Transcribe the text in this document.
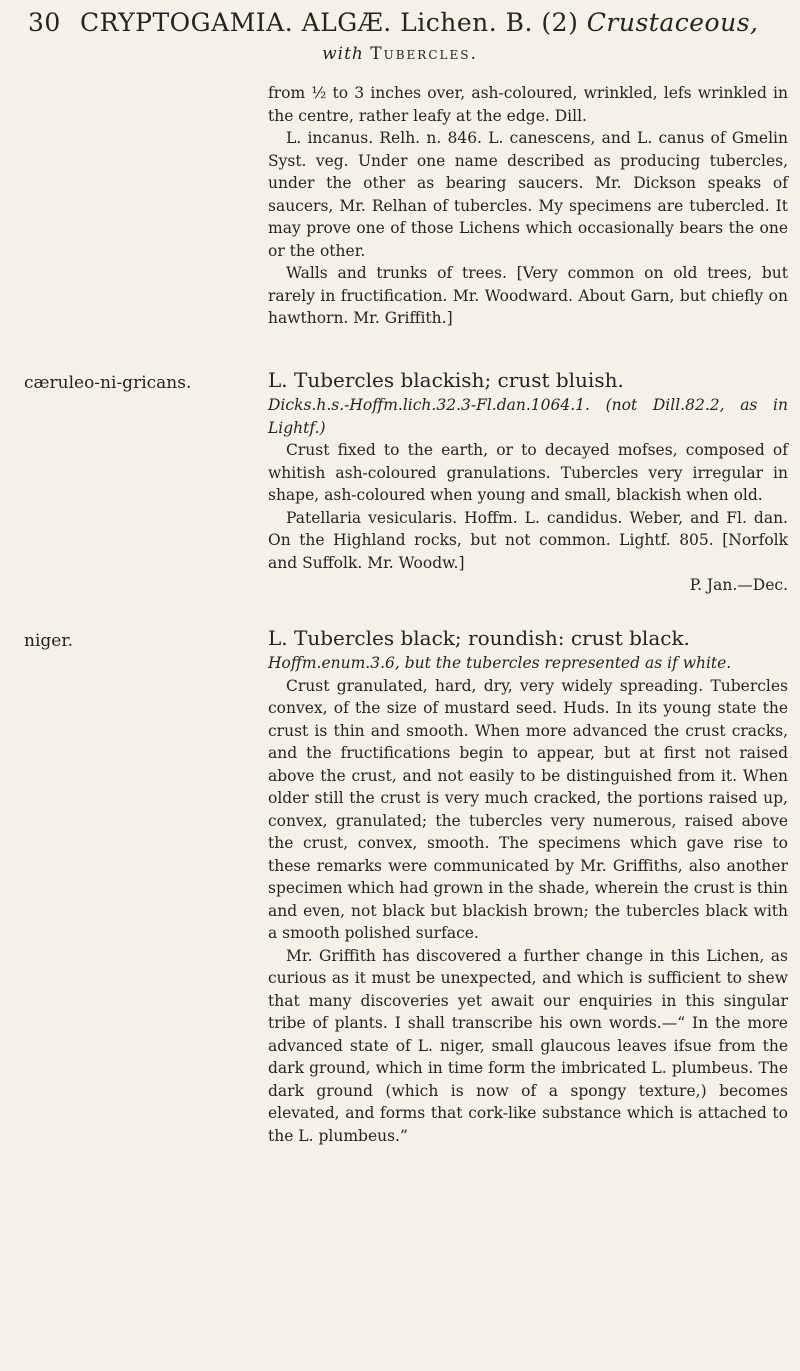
30 CRYPTOGAMIA. ALGÆ. Lichen. B. (2) Crustaceous,
with Tubercles.

from ½ to 3 inches over, ash-coloured, wrinkled, lefs wrinkled in the centre, rather leafy at the edge. Dill.

L. incanus. Relh. n. 846. L. canescens, and L. canus of Gmelin Syst. veg. Under one name described as producing tubercles, under the other as bearing saucers. Mr. Dickson speaks of saucers, Mr. Relhan of tubercles. My specimens are tubercled. It may prove one of those Lichens which occasionally bears the one or the other.

Walls and trunks of trees. [Very common on old trees, but rarely in fructification. Mr. Woodward. About Garn, but chiefly on hawthorn. Mr. Griffith.]

cæruleo-ni-gricans.	L. Tubercles blackish; crust bluish.

Dicks.h.s.-Hoffm.lich.32.3-Fl.dan.1064.1. (not Dill.82.2, as in Lightf.)

Crust fixed to the earth, or to decayed mofses, composed of whitish ash-coloured granulations. Tubercles very irregular in shape, ash-coloured when young and small, blackish when old.

Patellaria vesicularis. Hoffm. L. candidus. Weber, and Fl. dan. On the Highland rocks, but not common. Lightf. 805. [Norfolk and Suffolk. Mr. Woodw.]

P. Jan.—Dec.

niger.	L. Tubercles black; roundish: crust black.

Hoffm.enum.3.6, but the tubercles represented as if white.

Crust granulated, hard, dry, very widely spreading. Tubercles convex, of the size of mustard seed. Huds. In its young state the crust is thin and smooth. When more advanced the crust cracks, and the fructifications begin to appear, but at first not raised above the crust, and not easily to be distinguished from it. When older still the crust is very much cracked, the portions raised up, convex, granulated; the tubercles very numerous, raised above the crust, convex, smooth. The specimens which gave rise to these remarks were communicated by Mr. Griffiths, also another specimen which had grown in the shade, wherein the crust is thin and even, not black but blackish brown; the tubercles black with a smooth polished surface.

Mr. Griffith has discovered a further change in this Lichen, as curious as it must be unexpected, and which is sufficient to shew that many discoveries yet await our enquiries in this singular tribe of plants. I shall transcribe his own words.—“ In the more advanced state of L. niger, small glaucous leaves ifsue from the dark ground, which in time form the imbricated L. plumbeus. The dark ground (which is now of a spongy texture,) becomes elevated, and forms that cork-like substance which is attached to the L. plumbeus.”
